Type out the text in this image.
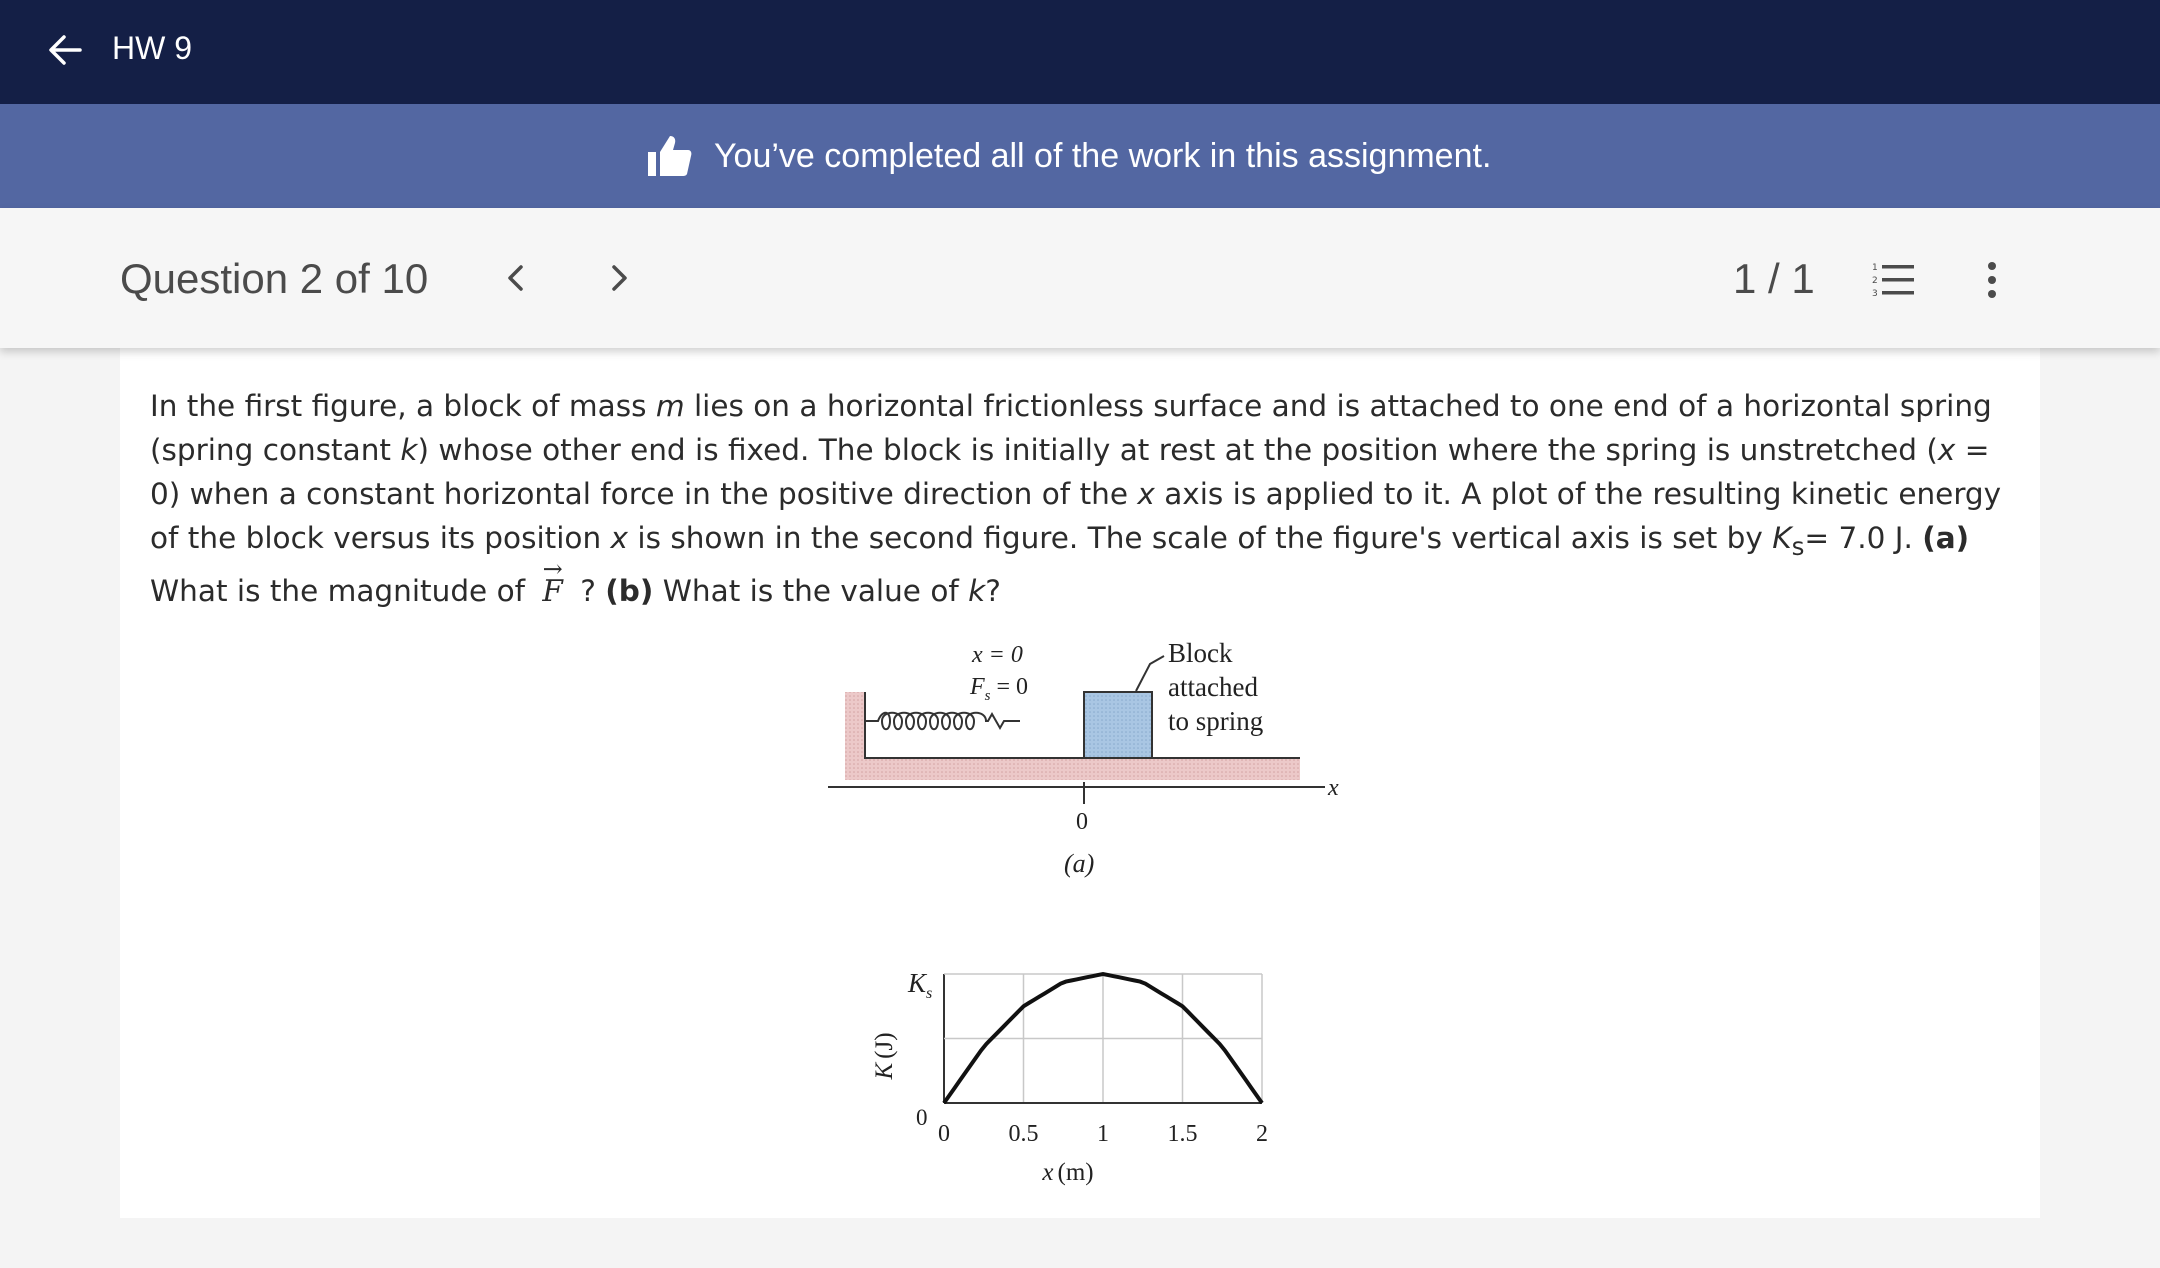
HW 9
You’ve completed all of the work in this assignment.
Question 2 of 10	1 / 1	1
2
3

In the first figure, a block of mass m lies on a horizontal frictionless surface and is attached to one end of a horizontal spring (spring constant k) whose other end is fixed. The block is initially at rest at the position where the spring is unstretched (x = 0) when a constant horizontal force in the positive direction of the x axis is applied to it. A plot of the resulting kinetic energy of the block versus its position x is shown in the second figure. The scale of the figure's vertical axis is set by $K_s= 7.0$ J. (a) What is the magnitude of → F ? (b) What is the value of k?

x
Block
attached
to spring
x = 0
$F_s = 0$
0
(a)
$K_s$
0
K(J)
0 0.5 1 1.5 2
x (m)
